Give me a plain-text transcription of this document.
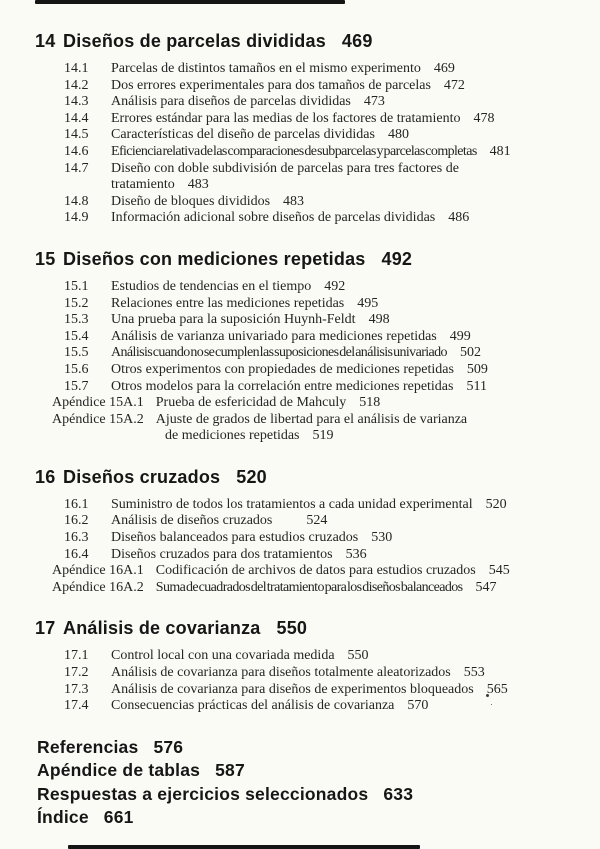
14 Diseños de parcelas divididas 469
14.1 Parcelas de distintos tamaños en el mismo experimento 469
14.2 Dos errores experimentales para dos tamaños de parcelas 472
14.3 Análisis para diseños de parcelas divididas 473
14.4 Errores estándar para las medias de los factores de tratamiento 478
14.5 Características del diseño de parcelas divididas 480
14.6 Eficiencia relativa de las comparaciones de subparcelas y parcelas completas 481
14.7 Diseño con doble subdivisión de parcelas para tres factores de
tratamiento 483
14.8 Diseño de bloques divididos 483
14.9 Información adicional sobre diseños de parcelas divididas 486
15 Diseños con mediciones repetidas 492
15.1 Estudios de tendencias en el tiempo 492
15.2 Relaciones entre las mediciones repetidas 495
15.3 Una prueba para la suposición Huynh-Feldt 498
15.4 Análisis de varianza univariado para mediciones repetidas 499
15.5 Análisis cuando no se cumplen las suposiciones del análisis univariado 502
15.6 Otros experimentos con propiedades de mediciones repetidas 509
15.7 Otros modelos para la correlación entre mediciones repetidas 511
Apéndice 15A.1 Prueba de esfericidad de Mahculy 518
Apéndice 15A.2 Ajuste de grados de libertad para el análisis de varianza
de mediciones repetidas 519
16 Diseños cruzados 520
16.1 Suministro de todos los tratamientos a cada unidad experimental 520
16.2 Análisis de diseños cruzados 524
16.3 Diseños balanceados para estudios cruzados 530
16.4 Diseños cruzados para dos tratamientos 536
Apéndice 16A.1 Codificación de archivos de datos para estudios cruzados 545
Apéndice 16A.2 Suma de cuadrados del tratamiento para los diseños balanceados 547
17 Análisis de covarianza 550
17.1 Control local con una covariada medida 550
17.2 Análisis de covarianza para diseños totalmente aleatorizados 553
17.3 Análisis de covarianza para diseños de experimentos bloqueados 565
17.4 Consecuencias prácticas del análisis de covarianza 570
Referencias 576
Apéndice de tablas 587
Respuestas a ejercicios seleccionados 633
Índice 661
